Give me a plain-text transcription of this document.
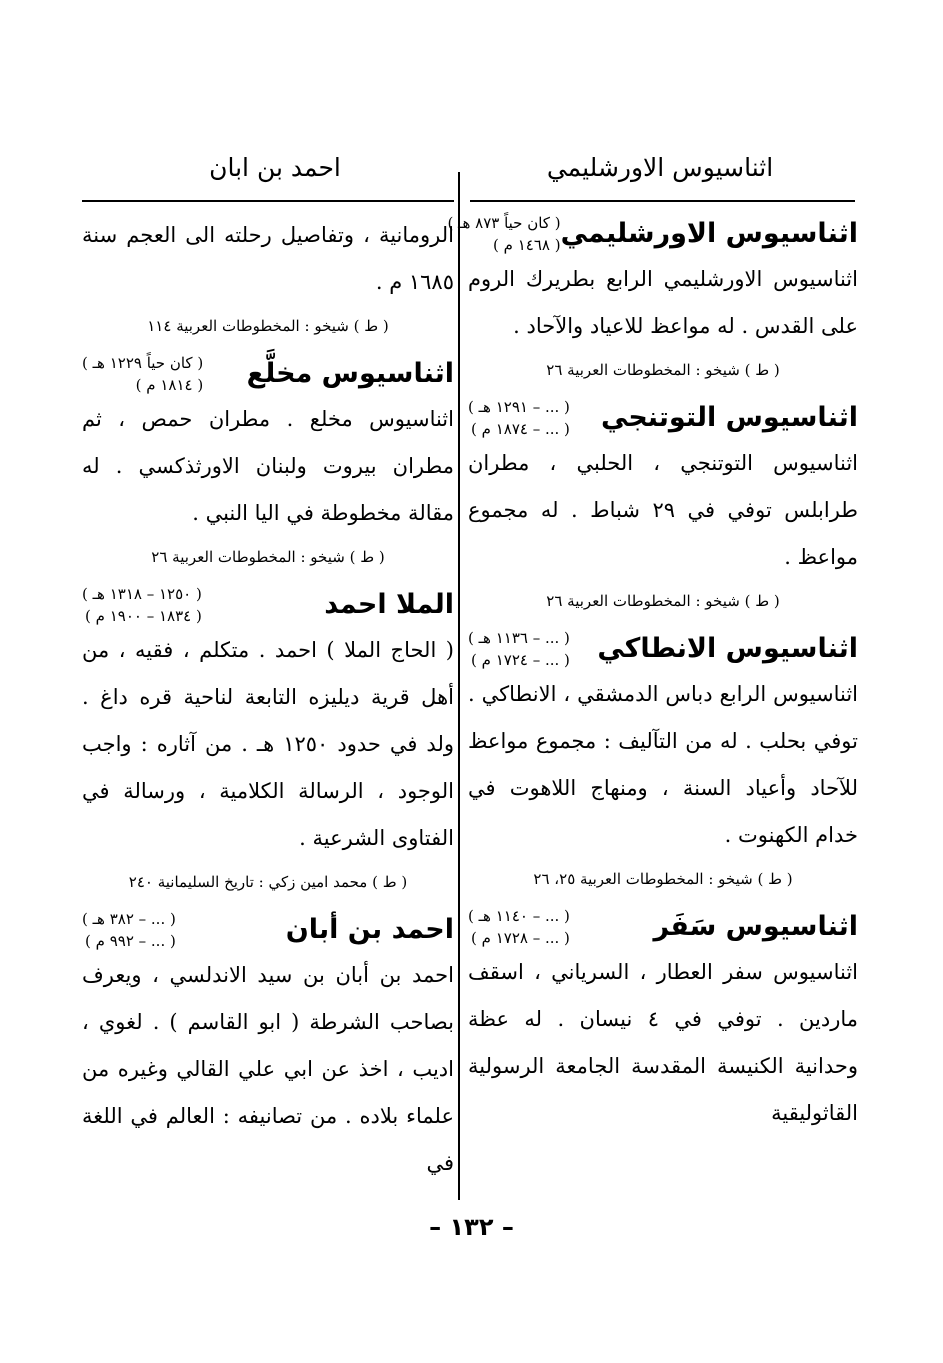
اثناسيوس الاورشليمي
احمد بن ابان
اثناسيوس الاورشليمي
( كان حياً ٨٧٣ هـ )
( ١٤٦٨ م )

اثناسيوس الاورشليمي الرابع بطريرك الروم على القدس . له مواعظ للاعياد والآحاد .

( ط ) شيخو : المخطوطات العربية ٢٦
اثناسيوس التوتنجي
( ... – ١٢٩١ هـ )
( ... – ١٨٧٤ م )

اثناسيوس التوتنجي ، الحلبي ، مطران طرابلس توفي في ٢٩ شباط . له مجموع مواعظ .

( ط ) شيخو : المخطوطات العربية ٢٦
اثناسيوس الانطاكي
( ... – ١١٣٦ هـ )
( ... – ١٧٢٤ م )

اثناسيوس الرابع دباس الدمشقي ، الانطاكي . توفي بحلب . له من التآليف : مجموع مواعظ للآحاد وأعياد السنة ، ومنهاج اللاهوت في خدام الكهنوت .

( ط ) شيخو : المخطوطات العربية ٢٥، ٢٦
اثناسيوس سَفَر
( ... – ١١٤٠ هـ )
( ... – ١٧٢٨ م )

اثناسيوس سفر العطار ، السرياني ، اسقف ماردين . توفي في ٤ نيسان . له عظة وحدانية الكنيسة المقدسة الجامعة الرسولية القاثوليقية

الرومانية ، وتفاصيل رحلته الى العجم سنة ١٦٨٥ م .

( ط ) شيخو : المخطوطات العربية ١١٤
اثناسيوس مخلَّع
( كان حياً ١٢٢٩ هـ )
( ١٨١٤ م )

اثناسيوس مخلع . مطران حمص ، ثم مطران بيروت ولبنان الاورثذكسي . له مقالة مخطوطة في اليا النبي .

( ط ) شيخو : المخطوطات العربية ٢٦
الملا احمد
( ١٢٥٠ – ١٣١٨ هـ )
( ١٨٣٤ – ١٩٠٠ م )

( الحاج الملا ) احمد . متكلم ، فقيه ، من أهل قرية ديليزه التابعة لناحية قره داغ . ولد في حدود ١٢٥٠ هـ . من آثاره : واجب الوجود ، الرسالة الكلامية ، ورسالة في الفتاوى الشرعية .

( ط ) محمد امين زكي : تاريخ السليمانية ٢٤٠
احمد بن أبان
( ... – ٣٨٢ هـ )
( ... – ٩٩٢ م )

احمد بن أبان بن سيد الاندلسي ، ويعرف بصاحب الشرطة ( ابو القاسم ) . لغوي ، اديب ، اخذ عن ابي علي القالي وغيره من علماء بلاده . من تصانيفه : العالم في اللغة في

– ١٣٢ –
